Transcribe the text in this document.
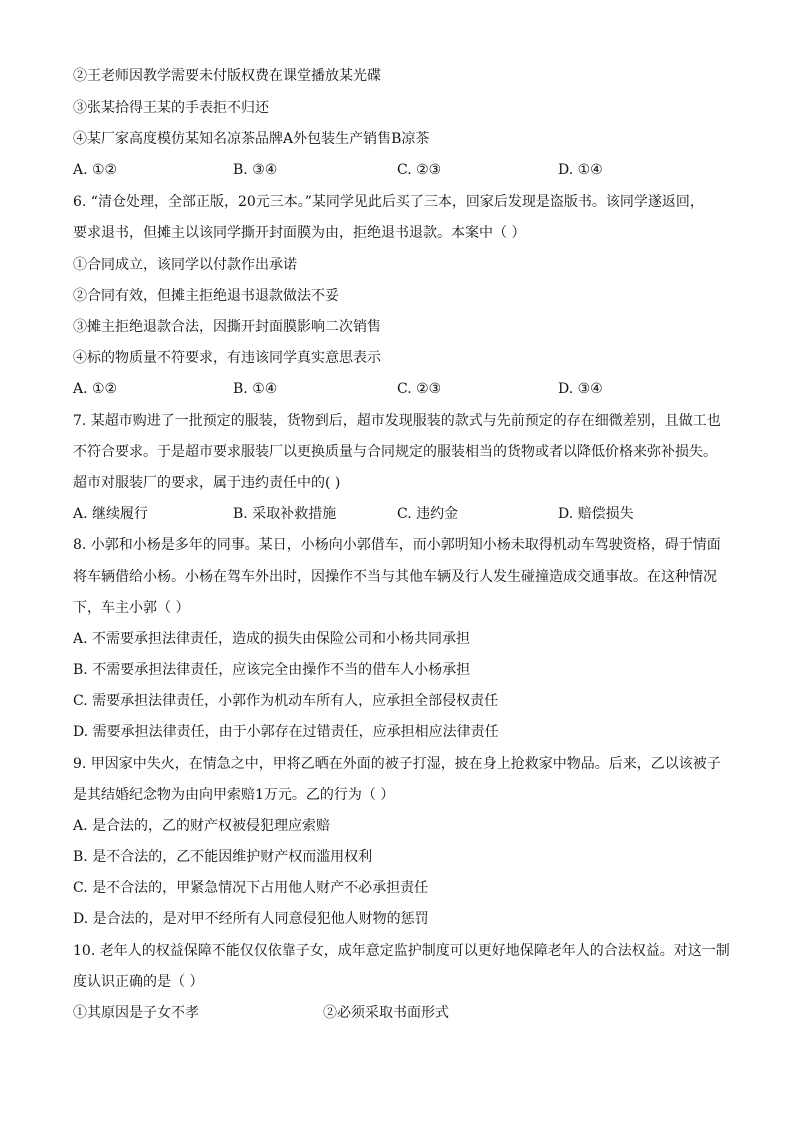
②王老师因教学需要未付版权费在课堂播放某光碟
③张某拾得王某的手表拒不归还
④某厂家高度模仿某知名凉茶品牌A外包装生产销售B凉茶
A. ①②	B. ③④	C. ②③	D. ①④
6. “清仓处理，全部正版，20元三本。”某同学见此后买了三本，回家后发现是盗版书。该同学遂返回，
要求退书，但摊主以该同学撕开封面膜为由，拒绝退书退款。本案中（ ）
①合同成立，该同学以付款作出承诺
②合同有效，但摊主拒绝退书退款做法不妥
③摊主拒绝退款合法，因撕开封面膜影响二次销售
④标的物质量不符要求，有违该同学真实意思表示
A. ①②	B. ①④	C. ②③	D. ③④
7. 某超市购进了一批预定的服装，货物到后，超市发现服装的款式与先前预定的存在细微差别，且做工也
不符合要求。于是超市要求服装厂以更换质量与合同规定的服装相当的货物或者以降低价格来弥补损失。
超市对服装厂的要求，属于违约责任中的( )
A. 继续履行	B. 采取补救措施	C. 违约金	D. 赔偿损失
8. 小郭和小杨是多年的同事。某日，小杨向小郭借车，而小郭明知小杨未取得机动车驾驶资格，碍于情面
将车辆借给小杨。小杨在驾车外出时，因操作不当与其他车辆及行人发生碰撞造成交通事故。在这种情况
下，车主小郭（ ）
A. 不需要承担法律责任，造成的损失由保险公司和小杨共同承担
B. 不需要承担法律责任，应该完全由操作不当的借车人小杨承担
C. 需要承担法律责任，小郭作为机动车所有人，应承担全部侵权责任
D. 需要承担法律责任，由于小郭存在过错责任，应承担相应法律责任
9. 甲因家中失火，在情急之中，甲将乙晒在外面的被子打湿，披在身上抢救家中物品。后来，乙以该被子
是其结婚纪念物为由向甲索赔1万元。乙的行为（ ）
A. 是合法的，乙的财产权被侵犯理应索赔
B. 是不合法的，乙不能因维护财产权而滥用权利
C. 是不合法的，甲紧急情况下占用他人财产不必承担责任
D. 是合法的，是对甲不经所有人同意侵犯他人财物的惩罚
10. 老年人的权益保障不能仅仅依靠子女，成年意定监护制度可以更好地保障老年人的合法权益。对这一制
度认识正确的是（ ）
①其原因是子女不孝	②必须采取书面形式
